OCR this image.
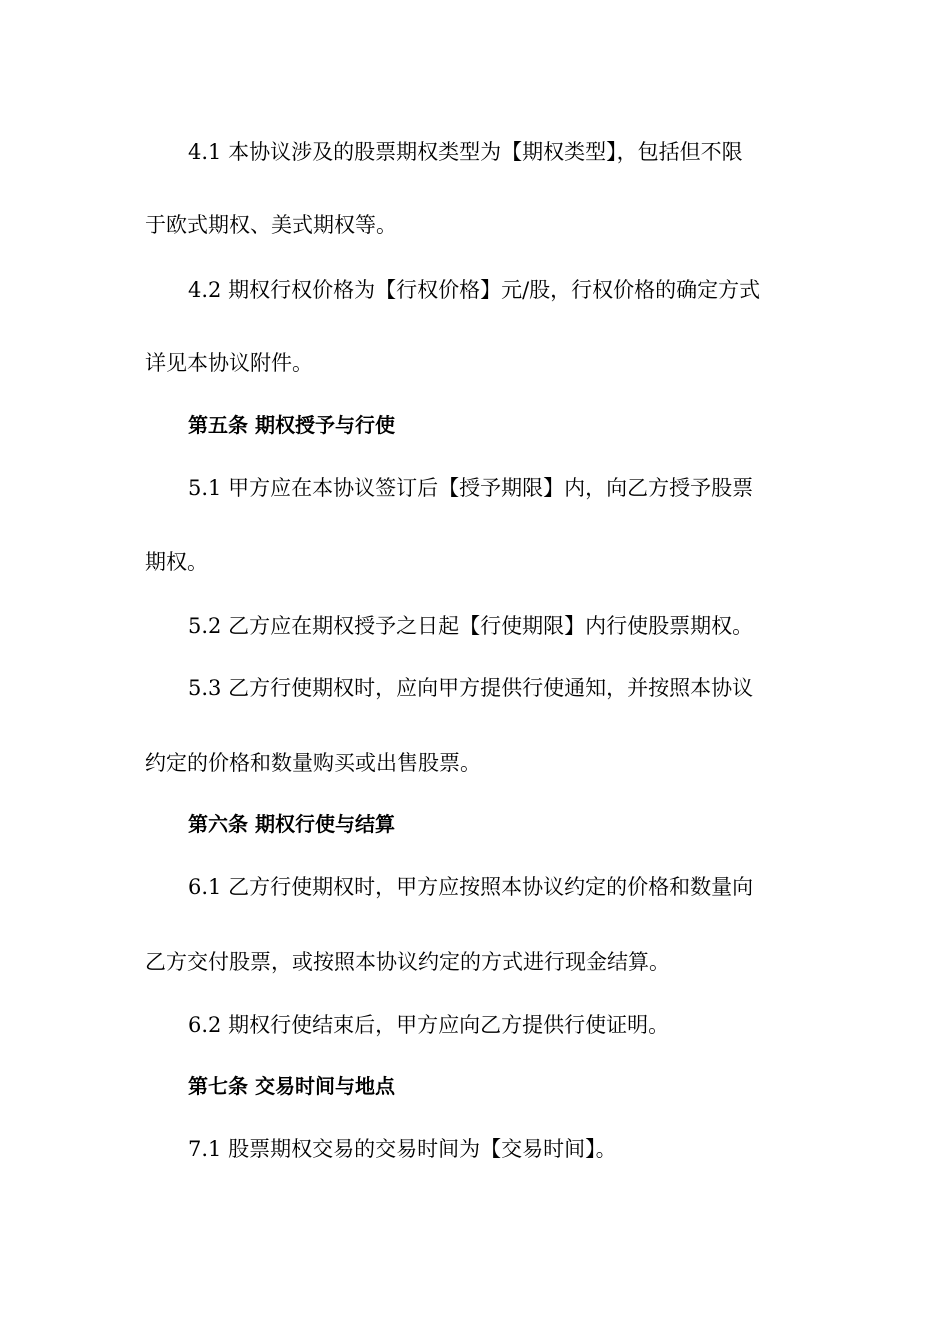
4.1 本协议涉及的股票期权类型为【期权类型】，包括但不限

于欧式期权、美式期权等。

4.2 期权行权价格为【行权价格】元/股，行权价格的确定方式

详见本协议附件。

第五条 期权授予与行使

5.1 甲方应在本协议签订后【授予期限】内，向乙方授予股票

期权。

5.2 乙方应在期权授予之日起【行使期限】内行使股票期权。

5.3 乙方行使期权时，应向甲方提供行使通知，并按照本协议

约定的价格和数量购买或出售股票。

第六条 期权行使与结算

6.1 乙方行使期权时，甲方应按照本协议约定的价格和数量向

乙方交付股票，或按照本协议约定的方式进行现金结算。

6.2 期权行使结束后，甲方应向乙方提供行使证明。

第七条 交易时间与地点

7.1 股票期权交易的交易时间为【交易时间】。
